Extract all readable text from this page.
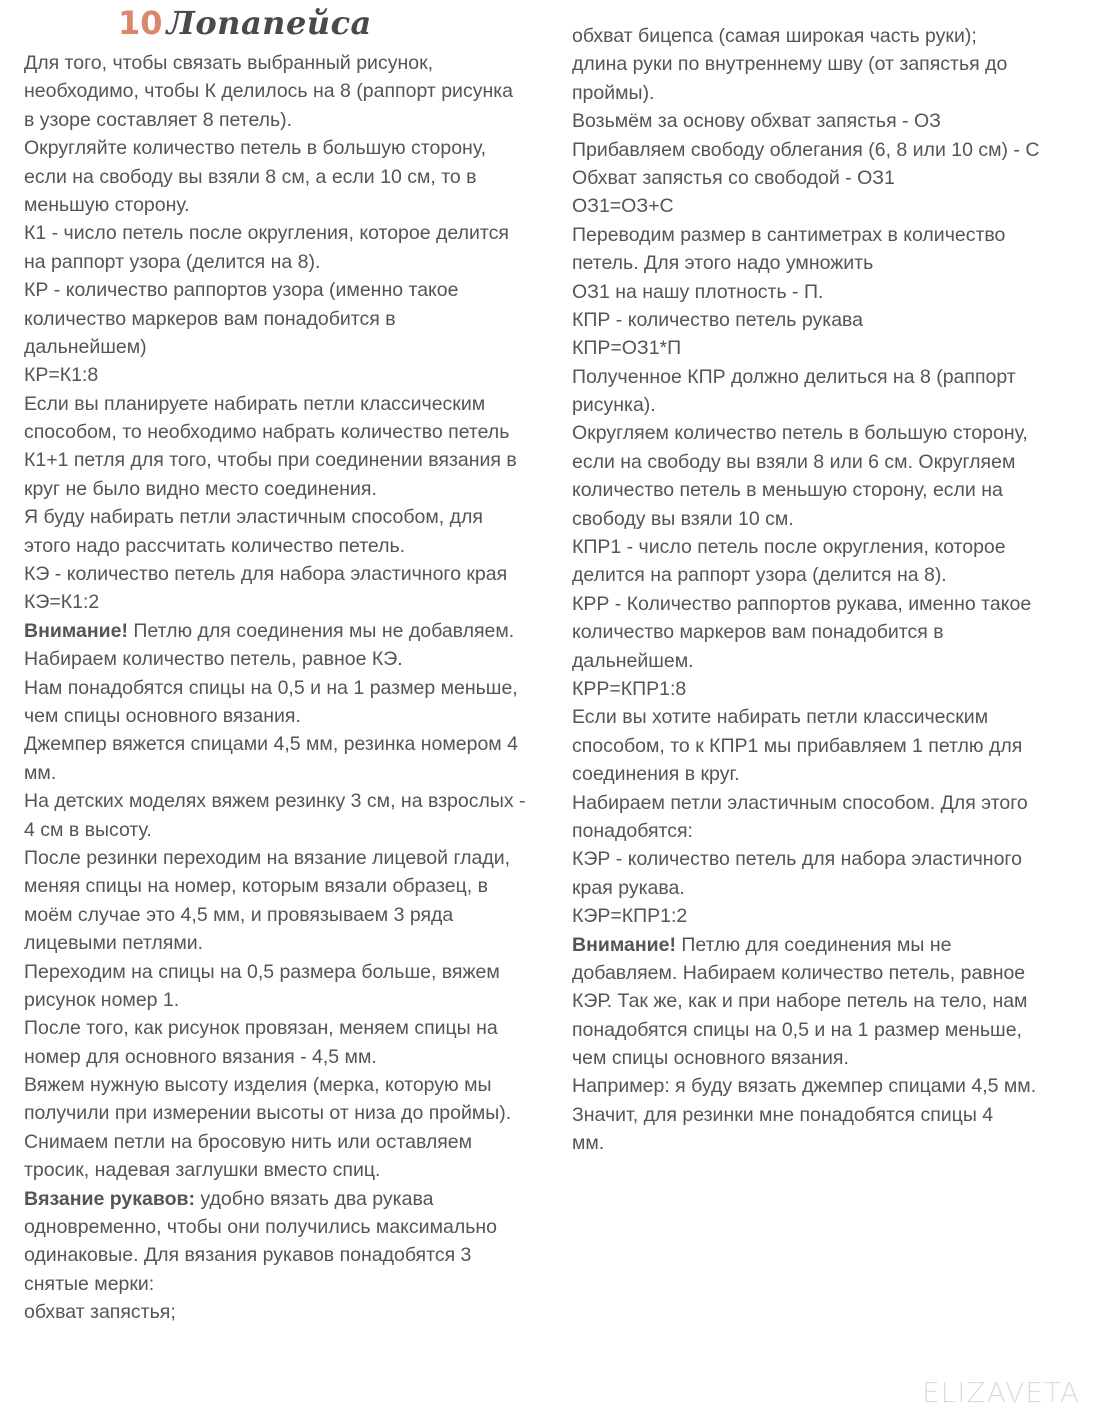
10 Лопапейса
Для того, чтобы связать выбранный рисунок,
необходимо, чтобы К делилось на 8 (раппорт рисунка
в узоре составляет 8 петель).
Округляйте количество петель в большую сторону,
если на свободу вы взяли 8 см, а если 10 см, то в
меньшую сторону.
К1 - число петель после округления, которое делится
на раппорт узора (делится на 8).
КР - количество раппортов узора (именно такое
количество маркеров вам понадобится в
дальнейшем)
КР=К1:8
Если вы планируете набирать петли классическим
способом, то необходимо набрать количество петель
К1+1 петля для того, чтобы при соединении вязания в
круг не было видно место соединения.
Я буду набирать петли эластичным способом, для
этого надо рассчитать количество петель.
КЭ - количество петель для набора эластичного края
КЭ=К1:2
Внимание! Петлю для соединения мы не добавляем.
Набираем количество петель, равное КЭ.
Нам понадобятся спицы на 0,5 и на 1 размер меньше,
чем спицы основного вязания.
Джемпер вяжется спицами 4,5 мм, резинка номером 4
мм.
На детских моделях вяжем резинку 3 см, на взрослых -
4 см в высоту.
После резинки переходим на вязание лицевой глади,
меняя спицы на номер, которым вязали образец, в
моём случае это 4,5 мм, и провязываем 3 ряда
лицевыми петлями.
Переходим на спицы на 0,5 размера больше, вяжем
рисунок номер 1.
После того, как рисунок провязан, меняем спицы на
номер для основного вязания - 4,5 мм.
Вяжем нужную высоту изделия (мерка, которую мы
получили при измерении высоты от низа до проймы).
Снимаем петли на бросовую нить или оставляем
тросик, надевая заглушки вместо спиц.
Вязание рукавов: удобно вязать два рукава
одновременно, чтобы они получились максимально
одинаковые. Для вязания рукавов понадобятся 3
снятые мерки:
обхват запястья;
обхват бицепса (самая широкая часть руки);
длина руки по внутреннему шву (от запястья до
проймы).
Возьмём за основу обхват запястья - ОЗ
Прибавляем свободу облегания (6, 8 или 10 см) - С
Обхват запястья со свободой - ОЗ1
ОЗ1=ОЗ+С
Переводим размер в сантиметрах в количество
петель. Для этого надо умножить
ОЗ1 на нашу плотность - П.
КПР - количество петель рукава
КПР=ОЗ1*П
Полученное КПР должно делиться на 8 (раппорт
рисунка).
Округляем количество петель в большую сторону,
если на свободу вы взяли 8 или 6 см. Округляем
количество петель в меньшую сторону, если на
свободу вы взяли 10 см.
КПР1 - число петель после округления, которое
делится на раппорт узора (делится на 8).
КРР - Количество раппортов рукава, именно такое
количество маркеров вам понадобится в
дальнейшем.
КРР=КПР1:8
Если вы хотите набирать петли классическим
способом, то к КПР1 мы прибавляем 1 петлю для
соединения в круг.
Набираем петли эластичным способом. Для этого
понадобятся:
КЭР - количество петель для набора эластичного
края рукава.
КЭР=КПР1:2
Внимание! Петлю для соединения мы не
добавляем. Набираем количество петель, равное
КЭР. Так же, как и при наборе петель на тело, нам
понадобятся спицы на 0,5 и на 1 размер меньше,
чем спицы основного вязания.
Например: я буду вязать джемпер спицами 4,5 мм.
Значит, для резинки мне понадобятся спицы 4
мм.
ELIZAVETA
